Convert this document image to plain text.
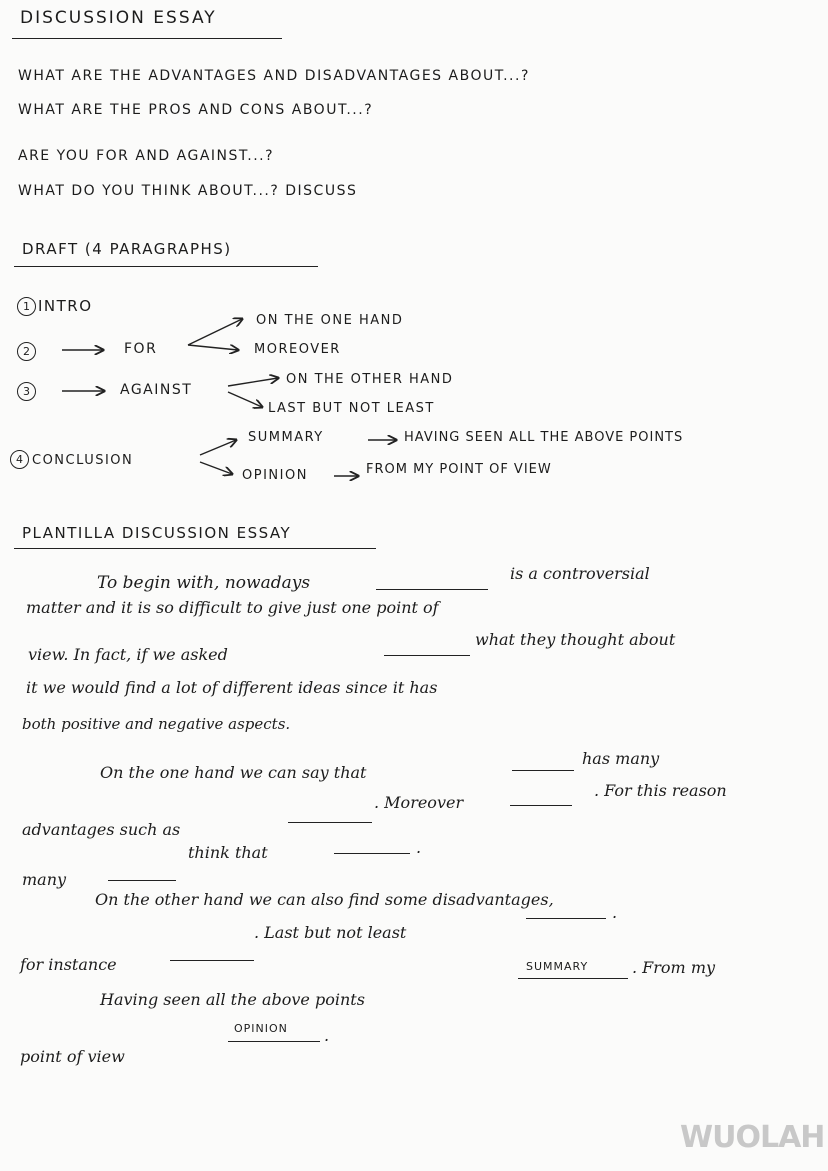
DISCUSSION ESSAY
WHAT ARE THE ADVANTAGES AND DISADVANTAGES ABOUT...?
WHAT ARE THE PROS AND CONS ABOUT...?
ARE YOU FOR AND AGAINST...?
WHAT DO YOU THINK ABOUT...? DISCUSS
DRAFT (4 PARAGRAPHS)
1 INTRO
2	FOR
3	AGAINST
4 CONCLUSION
ON THE ONE HAND
MOREOVER
ON THE OTHER HAND
LAST BUT NOT LEAST
SUMMARY	HAVING SEEN ALL THE ABOVE POINTS
OPINION	FROM MY POINT OF VIEW
PLANTILLA DISCUSSION ESSAY
To begin with, nowadays	is a controversial
matter and it is so difficult to give just one point of
view. In fact, if we asked
what they thought about
it we would find a lot of different ideas since it has
both positive and negative aspects.
On the one hand we can say that
has many
advantages such as
. Moreover
. For this reason
many
think that	.
On the other hand we can also find some disadvantages,
for instance
. Last but not least
.
SUMMARY	. From my
Having seen all the above points
point of view
OPINION .
WUOLAH
